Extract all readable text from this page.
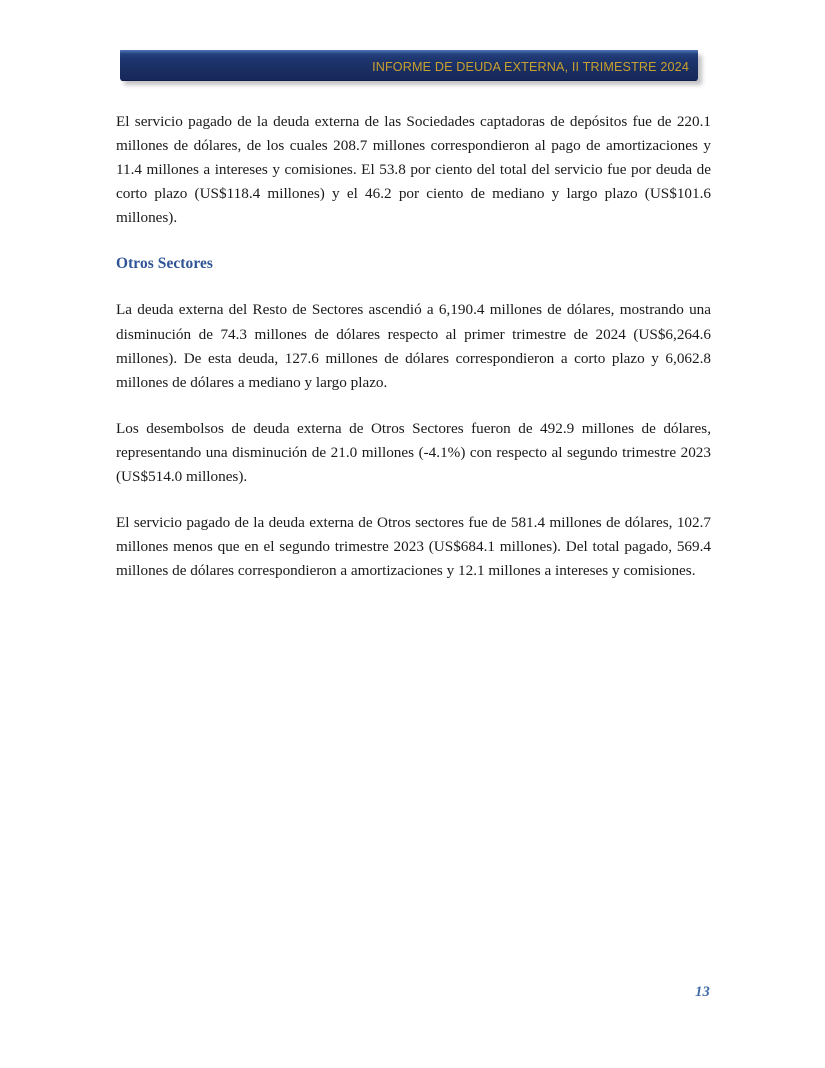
INFORME DE DEUDA EXTERNA, II TRIMESTRE 2024

El servicio pagado de la deuda externa de las Sociedades captadoras de depósitos fue de 220.1 millones de dólares, de los cuales 208.7 millones correspondieron al pago de amortizaciones y 11.4 millones a intereses y comisiones. El 53.8 por ciento del total del servicio fue por deuda de corto plazo (US$118.4 millones) y el 46.2 por ciento de mediano y largo plazo (US$101.6 millones).

Otros Sectores

La deuda externa del Resto de Sectores ascendió a 6,190.4 millones de dólares, mostrando una disminución de 74.3 millones de dólares respecto al primer trimestre de 2024 (US$6,264.6 millones). De esta deuda, 127.6 millones de dólares correspondieron a corto plazo y 6,062.8 millones de dólares a mediano y largo plazo.

Los desembolsos de deuda externa de Otros Sectores fueron de 492.9 millones de dólares, representando una disminución de 21.0 millones (-4.1%) con respecto al segundo trimestre 2023 (US$514.0 millones).

El servicio pagado de la deuda externa de Otros sectores fue de 581.4 millones de dólares, 102.7 millones menos que en el segundo trimestre 2023 (US$684.1 millones). Del total pagado, 569.4 millones de dólares correspondieron a amortizaciones y 12.1 millones a intereses y comisiones.

13
